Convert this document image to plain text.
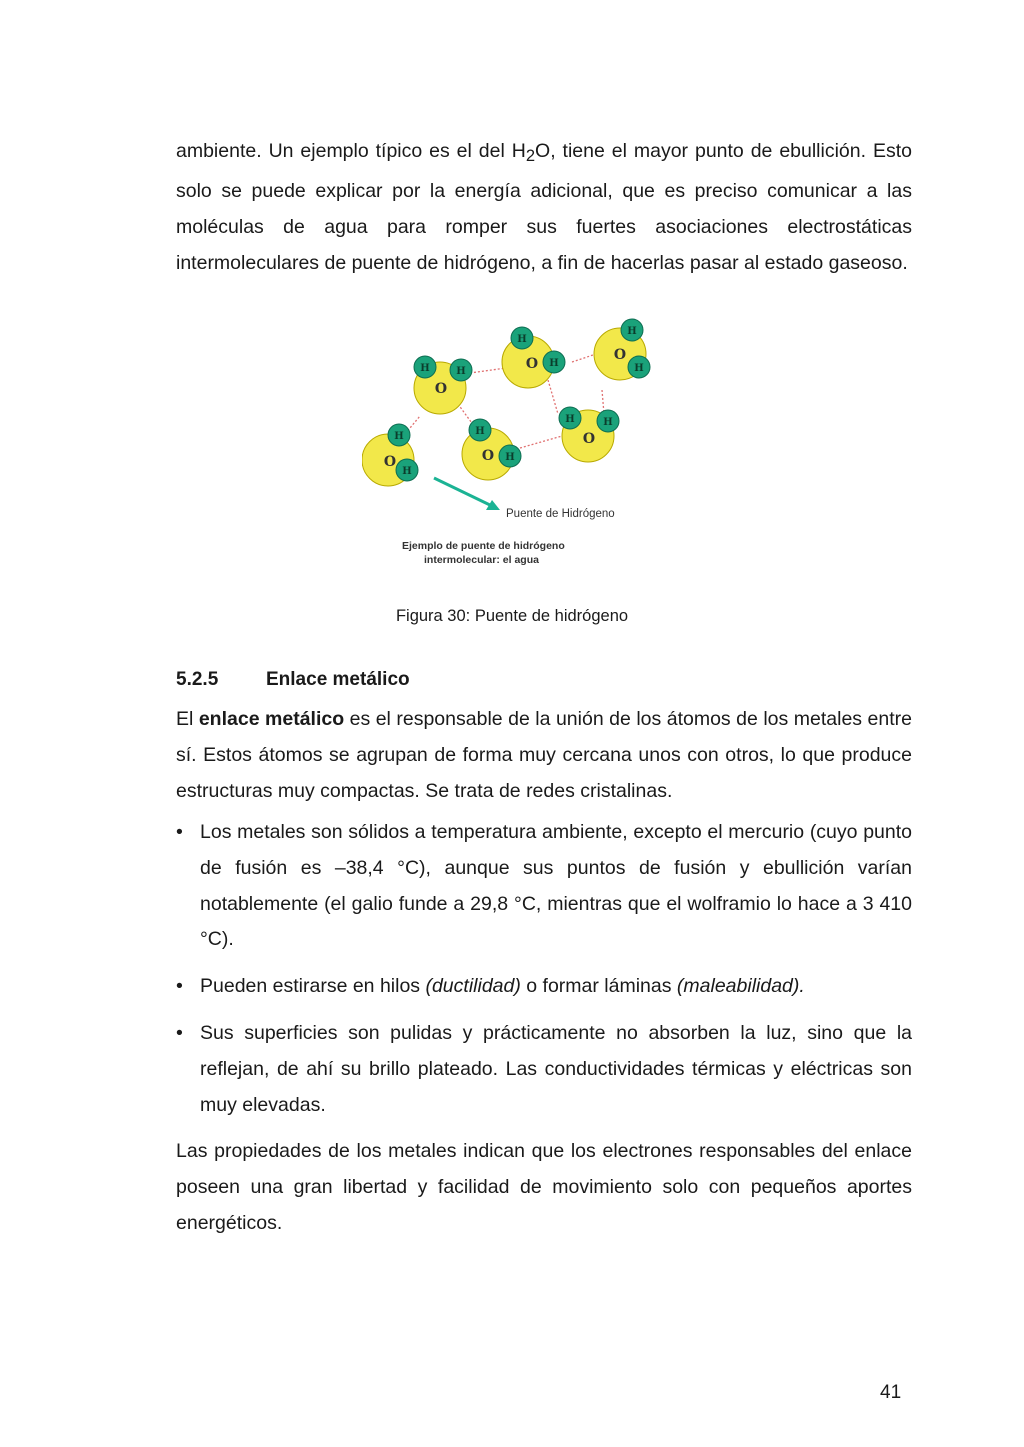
ambiente. Un ejemplo típico es el del $H_2O$, tiene el mayor punto de ebullición. Esto solo se puede explicar por la energía adicional, que es preciso comunicar a las moléculas de agua para romper sus fuertes asociaciones electrostáticas intermoleculares de puente de hidrógeno, a fin de hacerlas pasar al estado gaseoso.

H	H
O
H
H
O
H
H
O
H
H
O
H
H
O
H	H
O
Puente de Hidrógeno
Ejemplo de puente de hidrógeno
intermolecular: el agua
Figura 30: Puente de hidrógeno
5.2.5	Enlace metálico

El enlace metálico es el responsable de la unión de los átomos de los metales entre sí. Estos átomos se agrupan de forma muy cercana unos con otros, lo que produce estructuras muy compactas. Se trata de redes cristalinas.

• Los metales son sólidos a temperatura ambiente, excepto el mercurio (cuyo punto de fusión es –38,4 °C), aunque sus puntos de fusión y ebullición varían notablemente (el galio funde a 29,8 °C, mientras que el wolframio lo hace a 3 410 °C).
• Pueden estirarse en hilos (ductilidad) o formar láminas (maleabilidad).
• Sus superficies son pulidas y prácticamente no absorben la luz, sino que la reflejan, de ahí su brillo plateado. Las conductividades térmicas y eléctricas son muy elevadas.

Las propiedades de los metales indican que los electrones responsables del enlace poseen una gran libertad y facilidad de movimiento solo con pequeños aportes energéticos.

41
